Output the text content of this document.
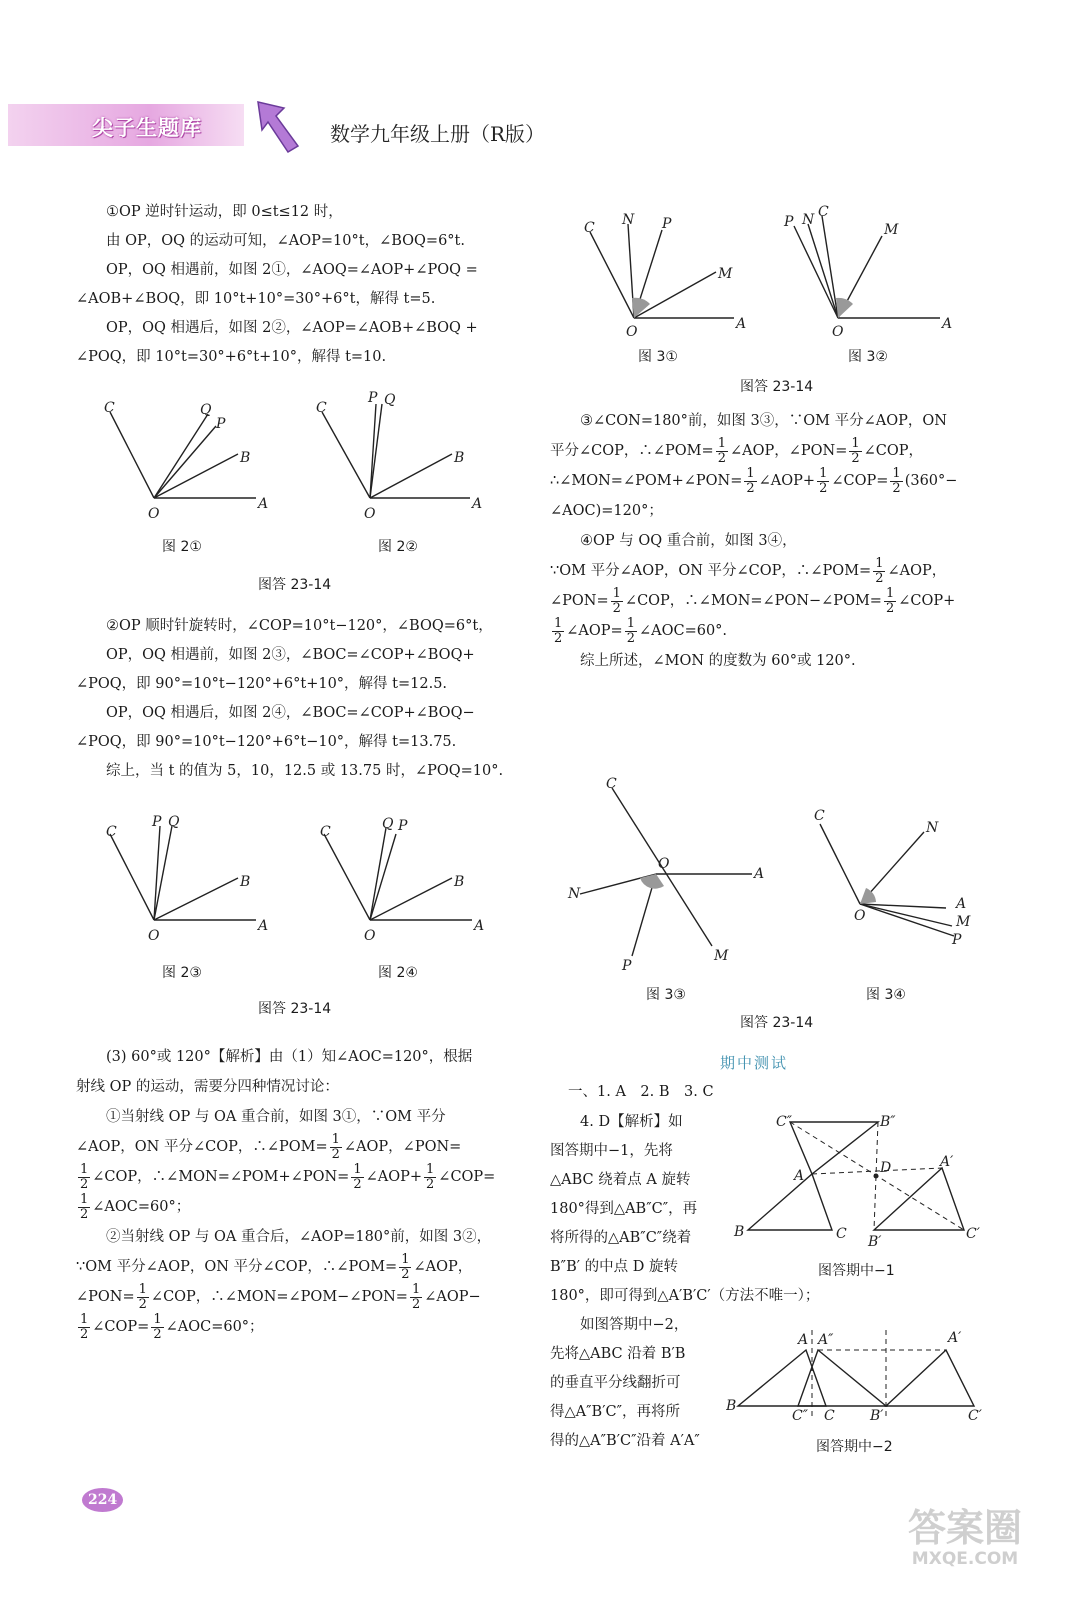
尖子生题库	数学九年级上册（R版）

①OP 逆时针运动，即 0≤t≤12 时，

由 OP，OQ 的运动可知，∠AOP=10°t，∠BOQ=6°t.

OP，OQ 相遇前，如图 2①，∠AOQ=∠AOP+∠POQ =

∠AOB+∠BOQ，即 10°t+10°=30°+6°t，解得 t=5.

OP，OQ 相遇后，如图 2②，∠AOP=∠AOB+∠BOQ +

∠POQ，即 10°t=30°+6°t+10°，解得 t=10.

C	Q
P
B
A
O
C
P Q
B
A
O
图 2①	图 2②
图答 23-14

②OP 顺时针旋转时，∠COP=10°t−120°，∠BOQ=6°t，

OP，OQ 相遇前，如图 2③，∠BOC=∠COP+∠BOQ+

∠POQ，即 90°=10°t−120°+6°t+10°，解得 t=12.5.

OP，OQ 相遇后，如图 2④，∠BOC=∠COP+∠BOQ−

∠POQ，即 90°=10°t−120°+6°t−10°，解得 t=13.75.

综上，当 t 的值为 5，10，12.5 或 13.75 时，∠POQ=10°.

C
P Q
B
A
O
C	Q P
B
A
O
图 2③	图 2④
图答 23-14

(3) 60°或 120°【解析】由（1）知∠AOC=120°，根据

射线 OP 的运动，需要分四种情况讨论：

①当射线 OP 与 OA 重合前，如图 3①，∵OM 平分

∠AOP，ON 平分∠COP，∴∠POM= $\frac{1}{2}$ ∠AOP，∠PON=

$\frac{1}{2}$ ∠COP，∴∠MON=∠POM+∠PON= $\frac{1}{2}$ ∠AOP+ $\frac{1}{2}$ ∠COP=

$\frac{1}{2}$ ∠AOC=60°；

②当射线 OP 与 OA 重合后，∠AOP=180°前，如图 3②，

∵OM 平分∠AOP，ON 平分∠COP，∴∠POM= $\frac{1}{2}$ ∠AOP，

∠PON= $\frac{1}{2}$ ∠COP，∴∠MON=∠POM−∠PON= $\frac{1}{2}$ ∠AOP−

$\frac{1}{2}$ ∠COP= $\frac{1}{2}$ ∠AOC=60°；

224
C N P
M
A
O
P N C
M
A
O
图 3①	图 3②
图答 23-14

③∠CON=180°前，如图 3③，∵OM 平分∠AOP，ON

平分∠COP，∴∠POM= $\frac{1}{2}$ ∠AOP，∠PON= $\frac{1}{2}$ ∠COP，

∴∠MON=∠POM+∠PON= $\frac{1}{2}$ ∠AOP+ $\frac{1}{2}$ ∠COP= $\frac{1}{2} (360^\circ-$

∠AOC)=120°；

④OP 与 OQ 重合前，如图 3④，

∵OM 平分∠AOP，ON 平分∠COP，∴∠POM= $\frac{1}{2}$ ∠AOP，

∠PON= $\frac{1}{2}$ ∠COP，∴∠MON=∠PON−∠POM= $\frac{1}{2}$ ∠COP+

$\frac{1}{2}$ ∠AOP= $\frac{1}{2}$ ∠AOC=60°.

综上所述，∠MON 的度数为 60°或 120°.

C
O
A
N
P
M
C
N
O
A
M
P
图 3③	图 3④
图答 23-14
期中测试

一、1. A　2. B　3. C

4. D【解析】如

图答期中−1，先将

△ABC 绕着点 A 旋转

180°得到△AB″C″，再

将所得的△AB″C″绕着

B″B′ 的中点 D 旋转

180°，即可得到△A′B′C′（方法不唯一）；

如图答期中−2，

先将△ABC 沿着 B′B

的垂直平分线翻折可

得△A″B′C″，再将所

得的△A″B′C″沿着 A′A″

C″	B″
A	D	A′
B	C B′	C′
图答期中−1
A A″	A′
B
C″ C	B′	C′
图答期中−2
答案圈
MXQE.COM
